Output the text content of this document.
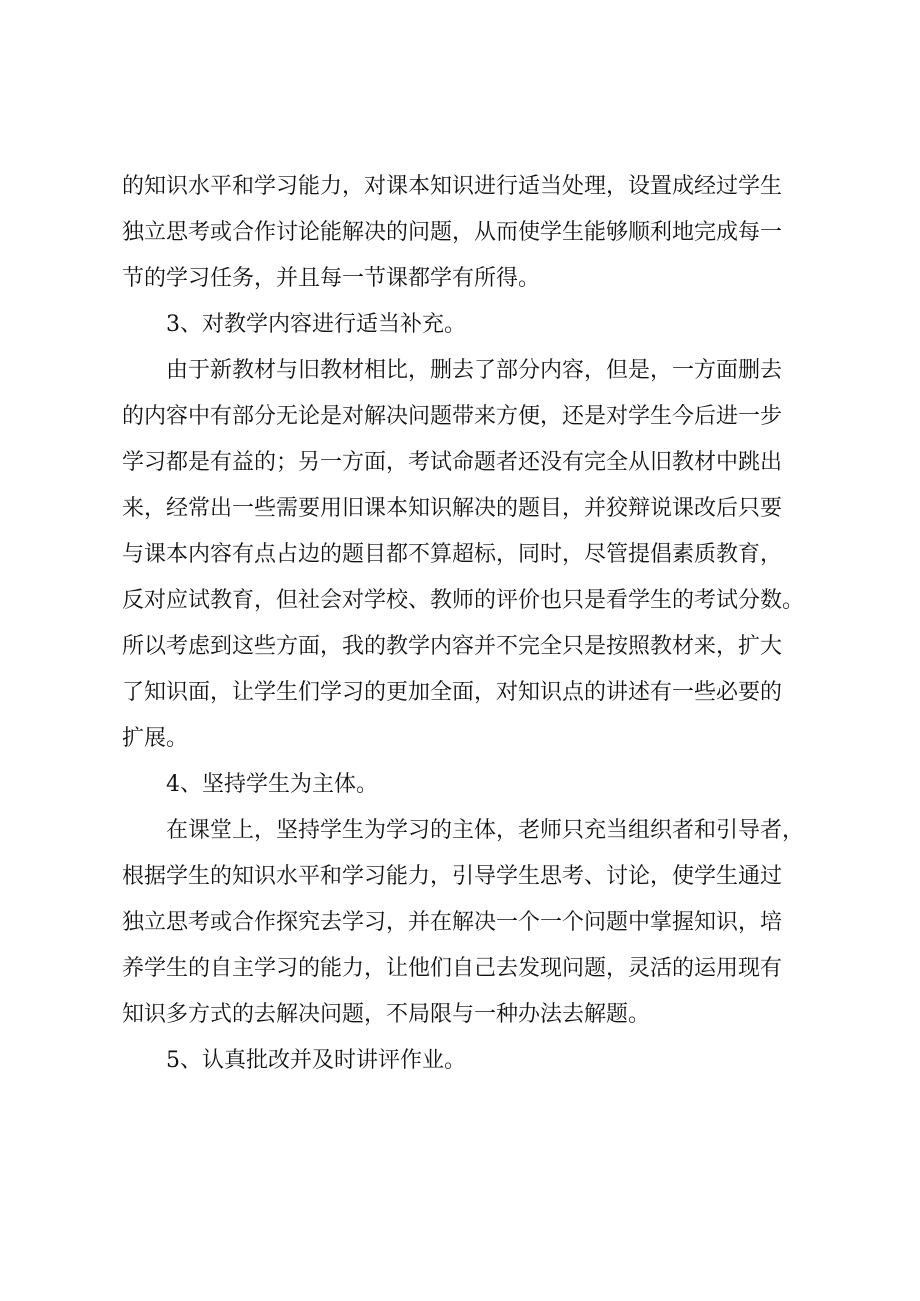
的知识水平和学习能力，对课本知识进行适当处理，设置成经过学生
独立思考或合作讨论能解决的问题，从而使学生能够顺利地完成每一
节的学习任务，并且每一节课都学有所得。
3、对教学内容进行适当补充。
由于新教材与旧教材相比，删去了部分内容，但是，一方面删去
的内容中有部分无论是对解决问题带来方便，还是对学生今后进一步
学习都是有益的；另一方面，考试命题者还没有完全从旧教材中跳出
来，经常出一些需要用旧课本知识解决的题目，并狡辩说课改后只要
与课本内容有点占边的题目都不算超标，同时，尽管提倡素质教育，
反对应试教育，但社会对学校、教师的评价也只是看学生的考试分数。
所以考虑到这些方面，我的教学内容并不完全只是按照教材来，扩大
了知识面，让学生们学习的更加全面，对知识点的讲述有一些必要的
扩展。
4、坚持学生为主体。
在课堂上，坚持学生为学习的主体，老师只充当组织者和引导者，
根据学生的知识水平和学习能力，引导学生思考、讨论，使学生通过
独立思考或合作探究去学习，并在解决一个一个问题中掌握知识，培
养学生的自主学习的能力，让他们自己去发现问题，灵活的运用现有
知识多方式的去解决问题，不局限与一种办法去解题。
5、认真批改并及时讲评作业。
